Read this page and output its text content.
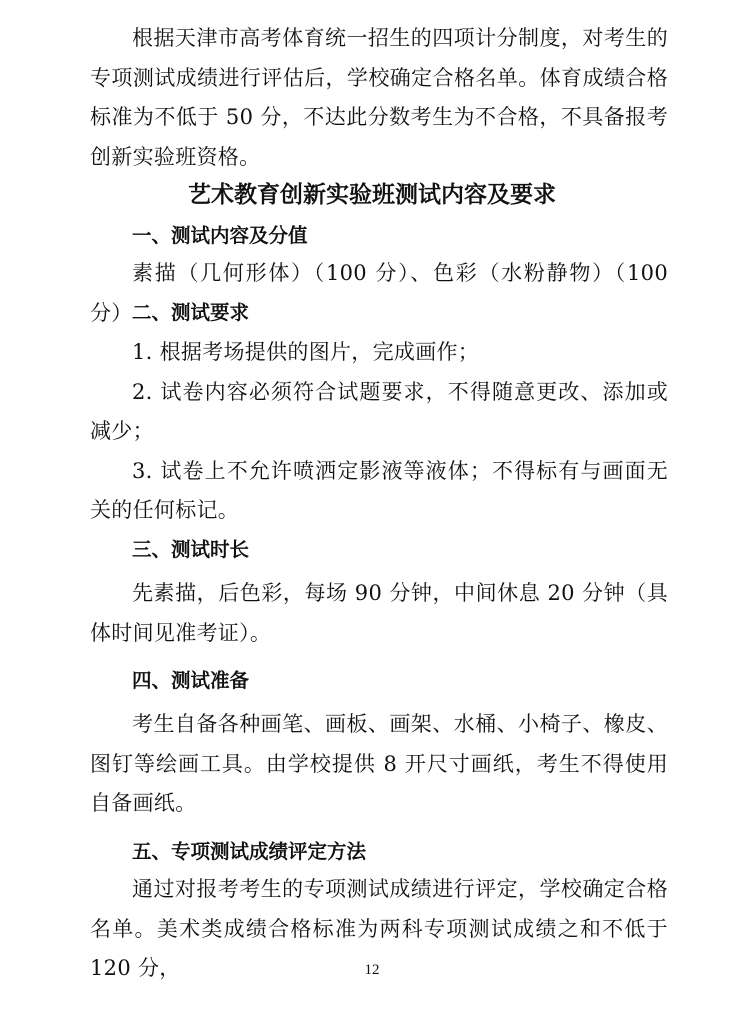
根据天津市高考体育统一招生的四项计分制度，对考生的专项测试成绩进行评估后，学校确定合格名单。体育成绩合格标准为不低于 50 分，不达此分数考生为不合格，不具备报考创新实验班资格。

艺术教育创新实验班测试内容及要求
一、测试内容及分值

素描（几何形体）（100 分）、色彩（水粉静物）（100 分） 二、测试要求

1. 根据考场提供的图片，完成画作；

2. 试卷内容必须符合试题要求，不得随意更改、添加或减少；

3. 试卷上不允许喷洒定影液等液体；不得标有与画面无关的任何标记。

三、测试时长

先素描，后色彩，每场 90 分钟，中间休息 20 分钟（具体时间见准考证）。

四、测试准备

考生自备各种画笔、画板、画架、水桶、小椅子、橡皮、图钉等绘画工具。由学校提供 8 开尺寸画纸，考生不得使用自备画纸。

五、专项测试成绩评定方法

通过对报考考生的专项测试成绩进行评定，学校确定合格名单。美术类成绩合格标准为两科专项测试成绩之和不低于 120 分，	12
